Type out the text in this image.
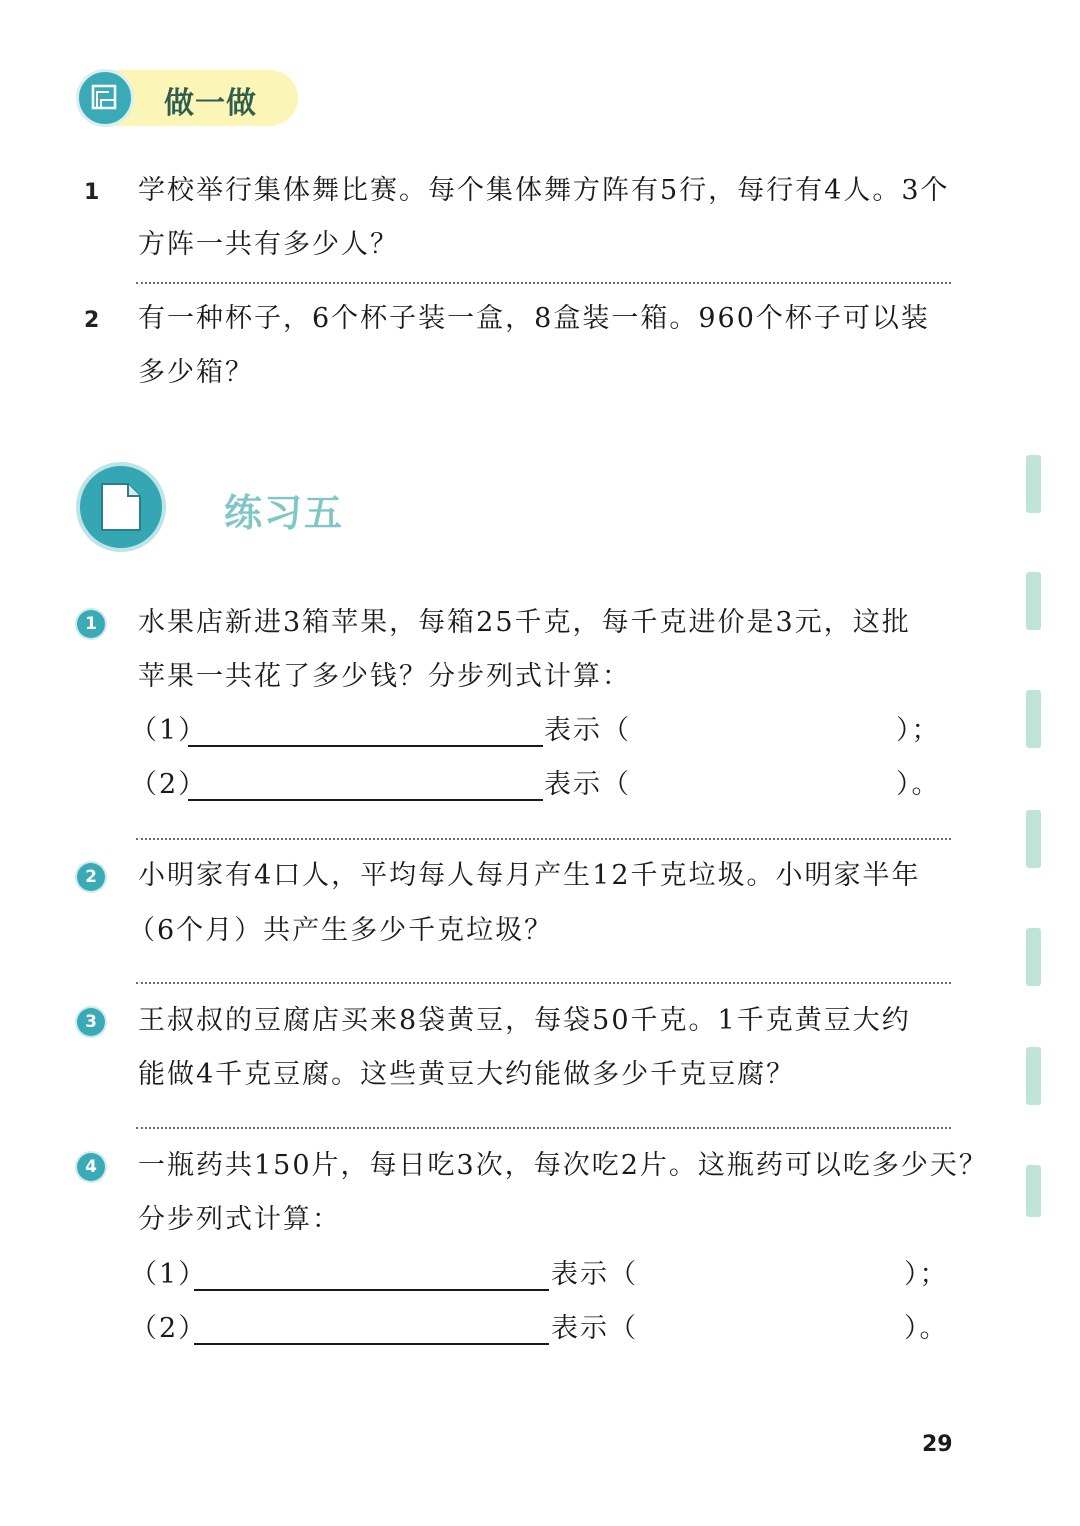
做一做
1 学校举行集体舞比赛。每个集体舞方阵有5行，每行有4人。3个
方阵一共有多少人？
2 有一种杯子，6个杯子装一盒，8盒装一箱。960个杯子可以装
多少箱？
练习五
1 水果店新进3箱苹果，每箱25千克，每千克进价是3元，这批
苹果一共花了多少钱？分步列式计算：
（1）	表示（	）；
（2）	表示（	）。
2 小明家有4口人，平均每人每月产生12千克垃圾。小明家半年
（6个月）共产生多少千克垃圾？
3 王叔叔的豆腐店买来8袋黄豆，每袋50千克。1千克黄豆大约
能做4千克豆腐。这些黄豆大约能做多少千克豆腐？
4 一瓶药共150片，每日吃3次，每次吃2片。这瓶药可以吃多少天？
分步列式计算：
（1）	表示（	）；
（2）	表示（	）。
29
